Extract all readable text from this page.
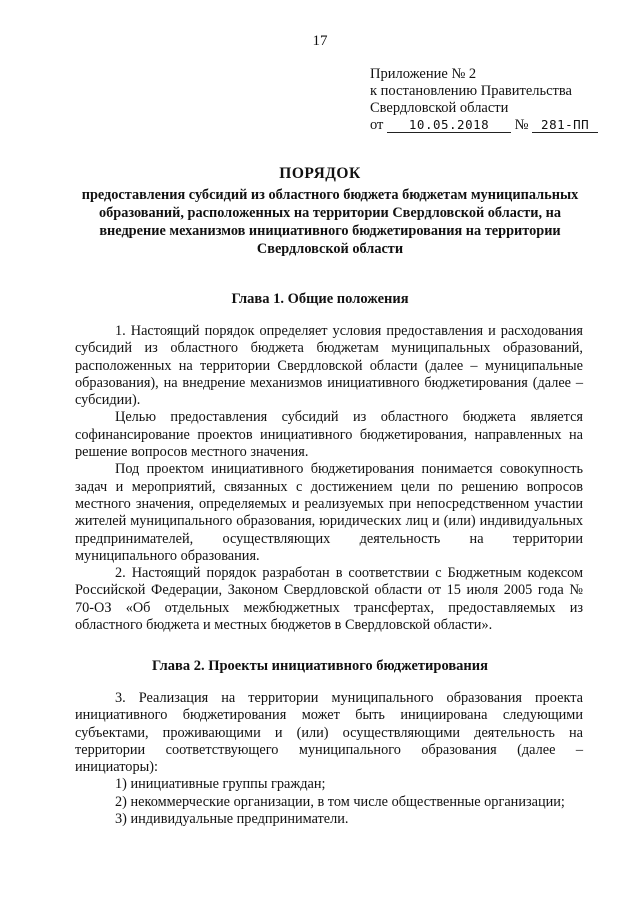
17
Приложение № 2
к постановлению Правительства
Свердловской области
от 10.05.2018 № 281-ПП
ПОРЯДОК
предоставления субсидий из областного бюджета бюджетам муниципальных образований, расположенных на территории Свердловской области, на внедрение механизмов инициативного бюджетирования на территории Свердловской области
Глава 1. Общие положения

1. Настоящий порядок определяет условия предоставления и расходования субсидий из областного бюджета бюджетам муниципальных образований, расположенных на территории Свердловской области (далее – муниципальные образования), на внедрение механизмов инициативного бюджетирования (далее – субсидии).

Целью предоставления субсидий из областного бюджета является софинансирование проектов инициативного бюджетирования, направленных на решение вопросов местного значения.

Под проектом инициативного бюджетирования понимается совокупность задач и мероприятий, связанных с достижением цели по решению вопросов местного значения, определяемых и реализуемых при непосредственном участии жителей муниципального образования, юридических лиц и (или) индивидуальных предпринимателей, осуществляющих деятельность на территории муниципального образования.

2. Настоящий порядок разработан в соответствии с Бюджетным кодексом Российской Федерации, Законом Свердловской области от 15 июля 2005 года № 70-ОЗ «Об отдельных межбюджетных трансфертах, предоставляемых из областного бюджета и местных бюджетов в Свердловской области».

Глава 2. Проекты инициативного бюджетирования

3. Реализация на территории муниципального образования проекта инициативного бюджетирования может быть инициирована следующими субъектами, проживающими и (или) осуществляющими деятельность на территории соответствующего муниципального образования (далее – инициаторы):

1) инициативные группы граждан;

2) некоммерческие организации, в том числе общественные организации;

3) индивидуальные предприниматели.
